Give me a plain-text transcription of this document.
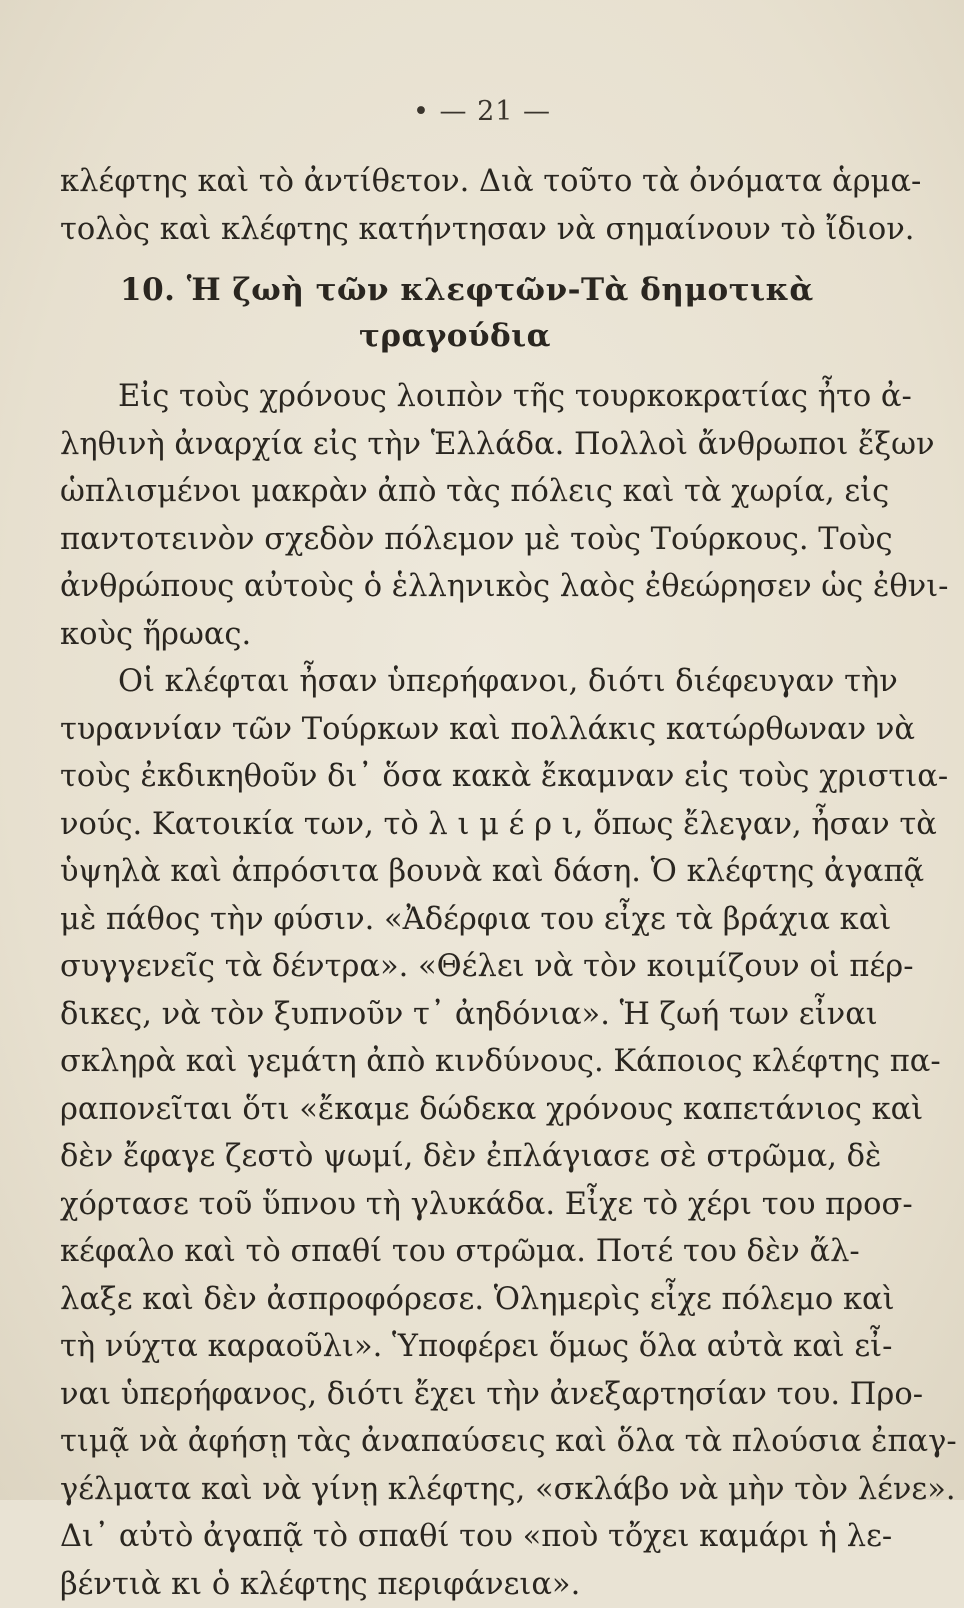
• — 21 —
κλέφτης καὶ τὸ ἀντίθετον. Διὰ τοῦτο τὰ ὀνόματα ἁρμα-
τολὸς καὶ κλέφτης κατήντησαν νὰ σημαίνουν τὸ ἴδιον.
10. Ἡ ζωὴ τῶν κλεφτῶν-Τὰ δημοτικὰ
τραγούδια
Εἰς τοὺς χρόνους λοιπὸν τῆς τουρκοκρατίας ἦτο ἀ-
ληθινὴ ἀναρχία εἰς τὴν Ἑλλάδα. Πολλοὶ ἄνθρωποι ἔξων
ὡπλισμένοι μακρὰν ἀπὸ τὰς πόλεις καὶ τὰ χωρία, εἰς
παντοτεινὸν σχεδὸν πόλεμον μὲ τοὺς Τούρκους. Τοὺς
ἀνθρώπους αὐτοὺς ὁ ἑλληνικὸς λαὸς ἐθεώρησεν ὡς ἐθνι-
κοὺς ἥρωας.
Οἱ κλέφται ἦσαν ὑπερήφανοι, διότι διέφευγαν τὴν
τυραννίαν τῶν Τούρκων καὶ πολλάκις κατώρθωναν νὰ
τοὺς ἐκδικηθοῦν δι᾿ ὅσα κακὰ ἔκαμναν εἰς τοὺς χριστια-
νούς. Κατοικία των, τὸ λ ι μ έ ρ ι, ὅπως ἔλεγαν, ἦσαν τὰ
ὑψηλὰ καὶ ἀπρόσιτα βουνὰ καὶ δάση. Ὁ κλέφτης ἀγαπᾷ
μὲ πάθος τὴν φύσιν. «Ἀδέρφια του εἶχε τὰ βράχια καὶ
συγγενεῖς τὰ δέντρα». «Θέλει νὰ τὸν κοιμίζουν οἱ πέρ-
δικες, νὰ τὸν ξυπνοῦν τ᾿ ἀηδόνια». Ἡ ζωή των εἶναι
σκληρὰ καὶ γεμάτη ἀπὸ κινδύνους. Κάποιος κλέφτης πα-
ραπονεῖται ὅτι «ἔκαμε δώδεκα χρόνους καπετάνιος καὶ
δὲν ἔφαγε ζεστὸ ψωμί, δὲν ἐπλάγιασε σὲ στρῶμα, δὲ
χόρτασε τοῦ ὕπνου τὴ γλυκάδα. Εἶχε τὸ χέρι του προσ-
κέφαλο καὶ τὸ σπαθί του στρῶμα. Ποτέ του δὲν ἄλ-
λαξε καὶ δὲν ἀσπροφόρεσε. Ὁλημερὶς εἶχε πόλεμο καὶ
τὴ νύχτα καραοῦλι». Ὑποφέρει ὅμως ὅλα αὐτὰ καὶ εἶ-
ναι ὑπερήφανος, διότι ἔχει τὴν ἀνεξαρτησίαν του. Προ-
τιμᾷ νὰ ἀφήσῃ τὰς ἀναπαύσεις καὶ ὅλα τὰ πλούσια ἐπαγ-
γέλματα καὶ νὰ γίνῃ κλέφτης, «σκλάβο νὰ μὴν τὸν λένε».
Δι᾿ αὐτὸ ἀγαπᾷ τὸ σπαθί του «ποὺ τὄχει καμάρι ἡ λε-
βέντιὰ κι ὁ κλέφτης περιφάνεια».
